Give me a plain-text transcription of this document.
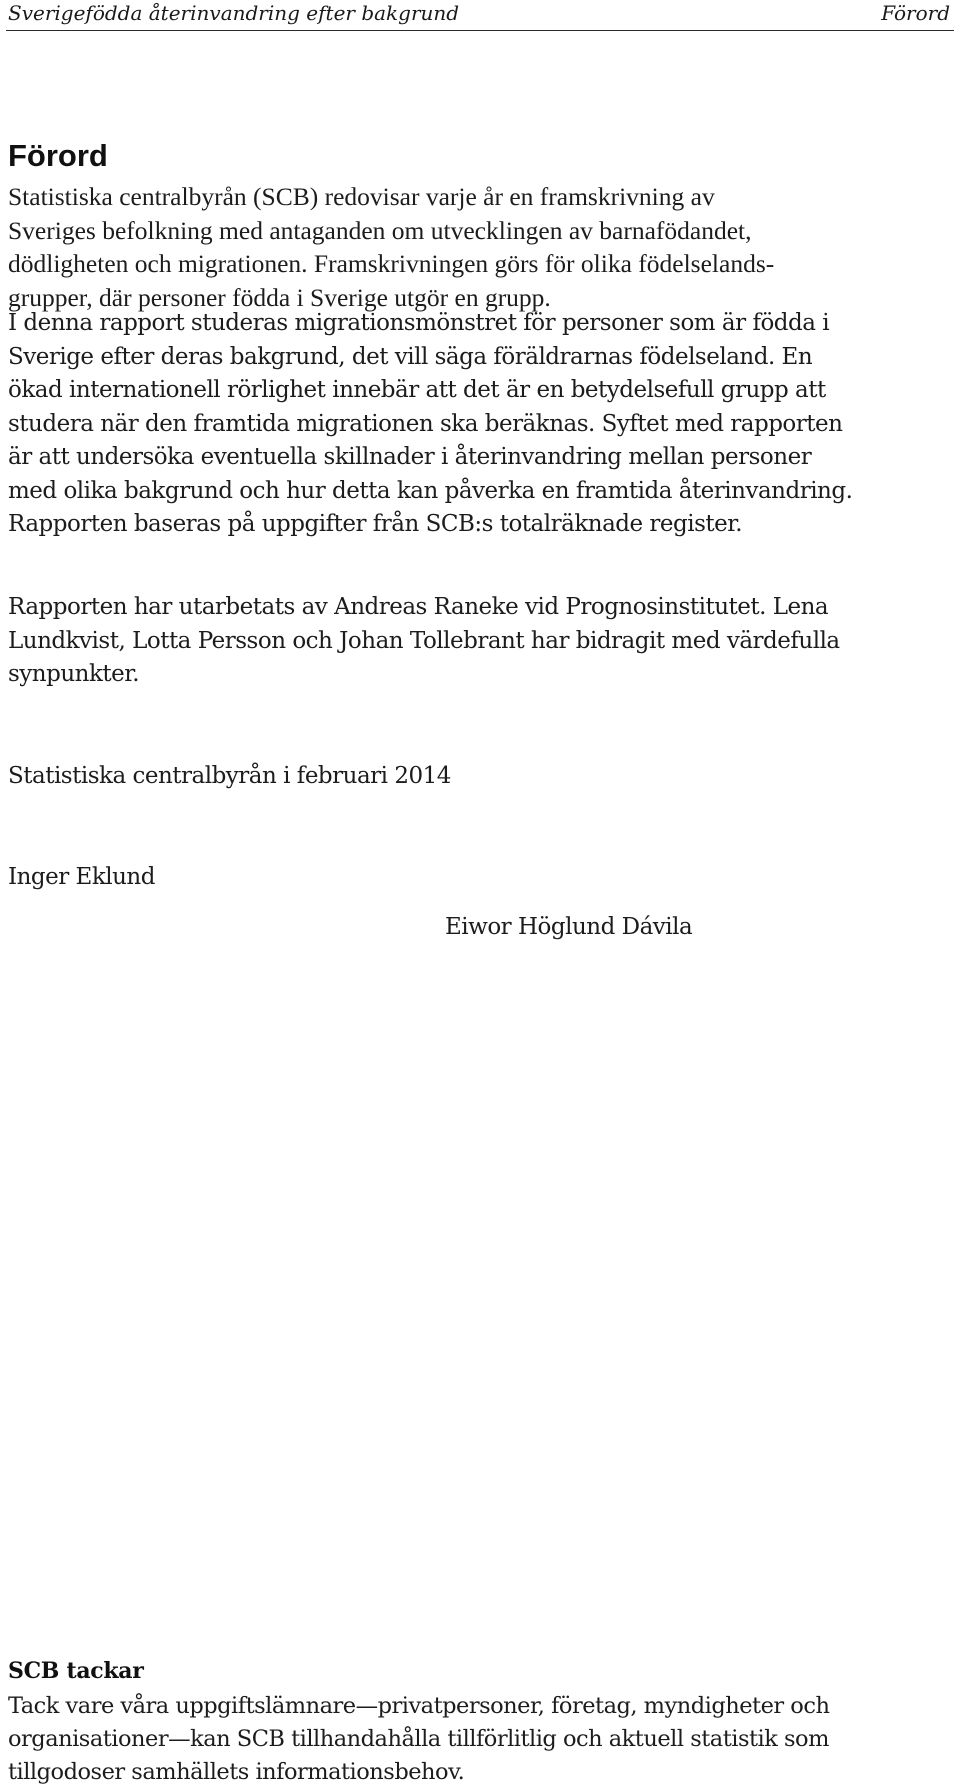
Sverigefödda återinvandring efter bakgrund	Förord
Förord

Statistiska centralbyrån (SCB) redovisar varje år en framskrivning av
Sveriges befolkning med antaganden om utvecklingen av barnafödandet,
dödligheten och migrationen. Framskrivningen görs för olika födelselands-
grupper, där personer födda i Sverige utgör en grupp.

I denna rapport studeras migrationsmönstret för personer som är födda i
Sverige efter deras bakgrund, det vill säga föräldrarnas födelseland. En
ökad internationell rörlighet innebär att det är en betydelsefull grupp att
studera när den framtida migrationen ska beräknas. Syftet med rapporten
är att undersöka eventuella skillnader i återinvandring mellan personer
med olika bakgrund och hur detta kan påverka en framtida återinvandring.
Rapporten baseras på uppgifter från SCB:s totalräknade register.

Rapporten har utarbetats av Andreas Raneke vid Prognosinstitutet. Lena
Lundkvist, Lotta Persson och Johan Tollebrant har bidragit med värdefulla
synpunkter.

Statistiska centralbyrån i februari 2014

Inger Eklund

Eiwor Höglund Dávila

SCB tackar

Tack vare våra uppgiftslämnare—privatpersoner, företag, myndigheter och
organisationer—kan SCB tillhandahålla tillförlitlig och aktuell statistik som
tillgodoser samhällets informationsbehov.
